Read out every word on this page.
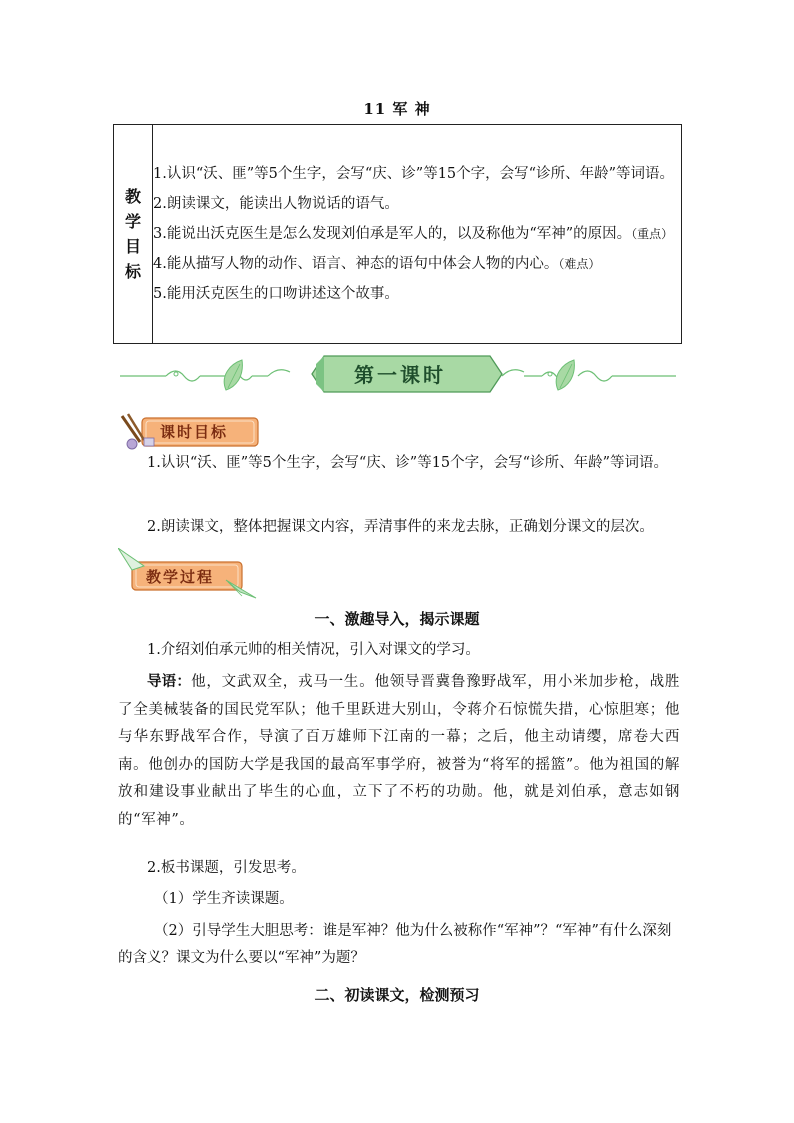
11 军 神
教学目标

1.认识“沃、匪”等5个生字，会写“庆、诊”等15个字，会写“诊所、年龄”等词语。
2.朗读课文，能读出人物说话的语气。
3.能说出沃克医生是怎么发现刘伯承是军人的，以及称他为“军神”的原因。（重点）
4.能从描写人物的动作、语言、神态的语句中体会人物的内心。（难点）
5.能用沃克医生的口吻讲述这个故事。
第一课时
课时目标
1.认识“沃、匪”等5个生字，会写“庆、诊”等15个字，会写“诊所、年龄”等词语。
2.朗读课文，整体把握课文内容，弄清事件的来龙去脉，正确划分课文的层次。
教学过程
一、激趣导入，揭示课题
1.介绍刘伯承元帅的相关情况，引入对课文的学习。
导语：他，文武双全，戎马一生。他领导晋冀鲁豫野战军，用小米加步枪，战胜了全美械装备的国民党军队；他千里跃进大别山，令蒋介石惊慌失措，心惊胆寒；他与华东野战军合作，导演了百万雄师下江南的一幕；之后，他主动请缨，席卷大西南。他创办的国防大学是我国的最高军事学府，被誉为“将军的摇篮”。他为祖国的解放和建设事业献出了毕生的心血，立下了不朽的功勋。他，就是刘伯承，意志如钢的“军神”。
2.板书课题，引发思考。
（1）学生齐读课题。
（2）引导学生大胆思考：谁是军神？他为什么被称作“军神”？“军神”有什么深刻的含义？课文为什么要以“军神”为题？
二、初读课文，检测预习
